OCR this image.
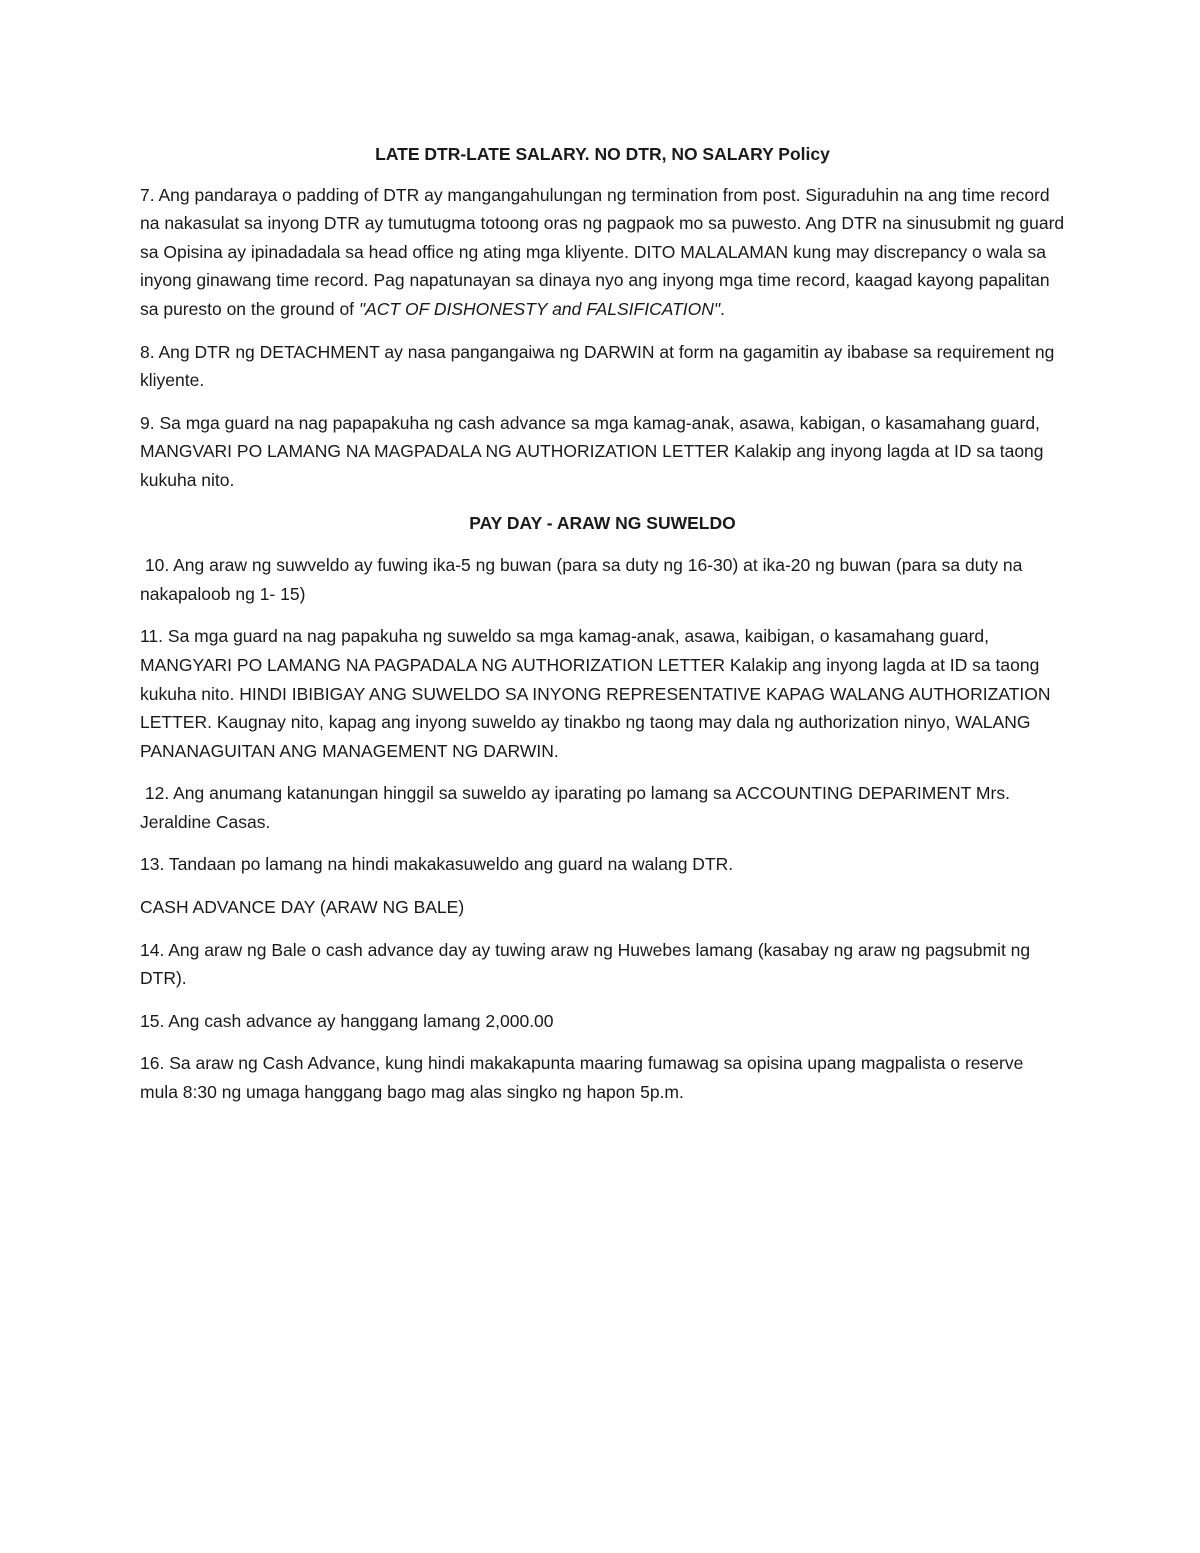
LATE DTR-LATE SALARY. NO DTR, NO SALARY Policy

7. Ang pandaraya o padding of DTR ay mangangahulungan ng termination from post. Siguraduhin na ang time record na nakasulat sa inyong DTR ay tumutugma totoong oras ng pagpaok mo sa puwesto. Ang DTR na sinusubmit ng guard sa Opisina ay ipinadadala sa head office ng ating mga kliyente. DITO MALALAMAN kung may discrepancy o wala sa inyong ginawang time record. Pag napatunayan sa dinaya nyo ang inyong mga time record, kaagad kayong papalitan sa puresto on the ground of "ACT OF DISHONESTY and FALSIFICATION".

8. Ang DTR ng DETACHMENT ay nasa pangangaiwa ng DARWIN at form na gagamitin ay ibabase sa requirement ng kliyente.

9. Sa mga guard na nag papapakuha ng cash advance sa mga kamag-anak, asawa, kabigan, o kasamahang guard, MANGVARI PO LAMANG NA MAGPADALA NG AUTHORIZATION LETTER Kalakip ang inyong lagda at ID sa taong kukuha nito.

PAY DAY - ARAW NG SUWELDO

10. Ang araw ng suwveldo ay fuwing ika-5 ng buwan (para sa duty ng 16-30) at ika-20 ng buwan (para sa duty na nakapaloob ng 1- 15)

11. Sa mga guard na nag papakuha ng suweldo sa mga kamag-anak, asawa, kaibigan, o kasamahang guard, MANGYARI PO LAMANG NA PAGPADALA NG AUTHORIZATION LETTER Kalakip ang inyong lagda at ID sa taong kukuha nito. HINDI IBIBIGAY ANG SUWELDO SA INYONG REPRESENTATIVE KAPAG WALANG AUTHORIZATION LETTER. Kaugnay nito, kapag ang inyong suweldo ay tinakbo ng taong may dala ng authorization ninyo, WALANG PANANAGUITAN ANG MANAGEMENT NG DARWIN.

12. Ang anumang katanungan hinggil sa suweldo ay iparating po lamang sa ACCOUNTING DEPARIMENT Mrs. Jeraldine Casas.

13. Tandaan po lamang na hindi makakasuweldo ang guard na walang DTR.

CASH ADVANCE DAY (ARAW NG BALE)

14. Ang araw ng Bale o cash advance day ay tuwing araw ng Huwebes lamang (kasabay ng araw ng pagsubmit ng DTR).

15. Ang cash advance ay hanggang lamang 2,000.00

16. Sa araw ng Cash Advance, kung hindi makakapunta maaring fumawag sa opisina upang magpalista o reserve mula 8:30 ng umaga hanggang bago mag alas singko ng hapon 5p.m.
